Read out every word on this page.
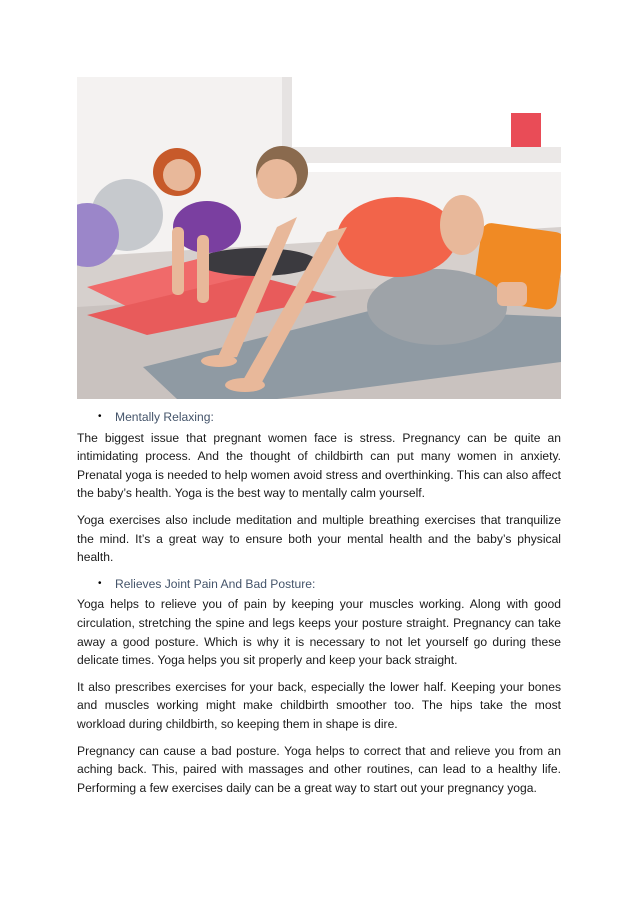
• Mentally Relaxing:

The biggest issue that pregnant women face is stress. Pregnancy can be quite an intimidating process. And the thought of childbirth can put many women in anxiety. Prenatal yoga is needed to help women avoid stress and overthinking. This can also affect the baby’s health. Yoga is the best way to mentally calm yourself.

Yoga exercises also include meditation and multiple breathing exercises that tranquilize the mind. It’s a great way to ensure both your mental health and the baby’s physical health.

• Relieves Joint Pain And Bad Posture:

Yoga helps to relieve you of pain by keeping your muscles working. Along with good circulation, stretching the spine and legs keeps your posture straight. Pregnancy can take away a good posture. Which is why it is necessary to not let yourself go during these delicate times. Yoga helps you sit properly and keep your back straight.

It also prescribes exercises for your back, especially the lower half. Keeping your bones and muscles working might make childbirth smoother too. The hips take the most workload during childbirth, so keeping them in shape is dire.

Pregnancy can cause a bad posture. Yoga helps to correct that and relieve you from an aching back. This, paired with massages and other routines, can lead to a healthy life. Performing a few exercises daily can be a great way to start out your pregnancy yoga.
